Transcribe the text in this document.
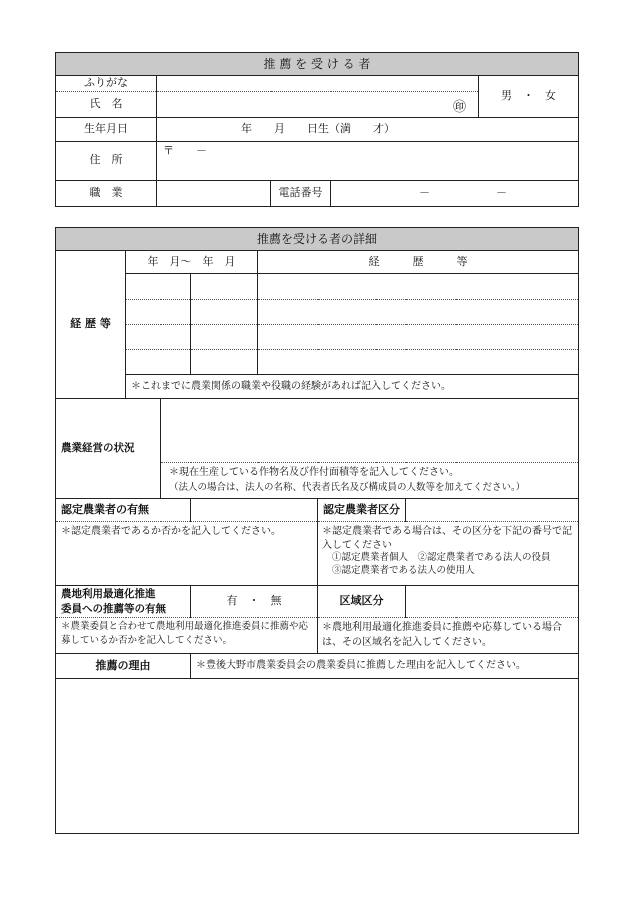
推 薦 を 受 け る 者				
ふりがな				男　・　女
氏　名	㊞			
生年月日	年　　月　　日生（満　　才）			
住　所	〒　　－			
職　業		電話番号	－　　　　　　－	
推薦を受ける者の詳細						
経 歴 等	年　月～　年　月			経　　　歴　　　等		

	＊これまでに農業関係の職業や役職の経験があれば記入してください。					
農業経営の状況						

		＊現在生産している作物名及び作付面積等を記入してください。
（法人の場合は、法人の名称、代表者氏名及び構成員の人数等を加えてください。）				

認定農業者の有無					認定農業者区分	
＊認定農業者であるか否かを記入してください。					＊認定農業者である場合は、その区分を下記の番号で記入してください
①認定農業者個人　②認定農業者である法人の役員
③認定農業者である法人の使用人	

農地利用最適化推進
委員への推薦等の有無			有　・　無		区域区分	
＊農業委員と合わせて農地利用最適化推進委員に推薦や応募しているか否かを記入してください。					＊農地利用最適化推進委員に推薦や応募している場合は、その区域名を記入してください。	
推薦の理由			＊豊後大野市農業委員会の農業委員に推薦した理由を記入してください。			
